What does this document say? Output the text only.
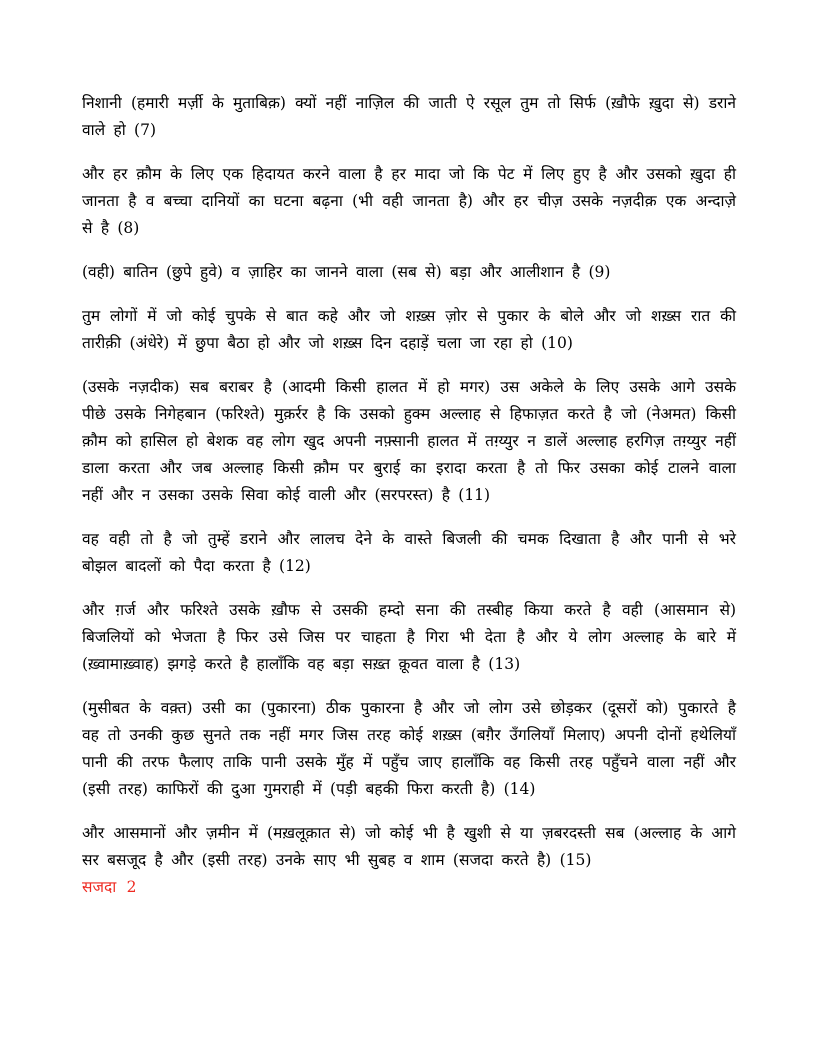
निशानी (हमारी मर्ज़ी के मुताबिक़) क्यों नहीं नाज़िल की जाती ऐ रसूल तुम तो सिर्फ (ख़ौफे ख़ुदा से) डराने वाले हो (7)

और हर क़ौम के लिए एक हिदायत करने वाला है हर मादा जो कि पेट में लिए हुए है और उसको ख़ुदा ही जानता है व बच्चा दानियों का घटना बढ़ना (भी वही जानता है) और हर चीज़ उसके नज़दीक़ एक अन्दाज़े से है (8)

(वही) बातिन (छुपे हुवे) व ज़ाहिर का जानने वाला (सब से) बड़ा और आलीशान है (9)

तुम लोगों में जो कोई चुपके से बात कहे और जो शख़्स ज़ोर से पुकार के बोले और जो शख़्स रात की तारीक़ी (अंधेरे) में छुपा बैठा हो और जो शख़्स दिन दहाड़ें चला जा रहा हो (10)

(उसके नज़दीक) सब बराबर है (आदमी किसी हालत में हो मगर) उस अकेले के लिए उसके आगे उसके पीछे उसके निगेहबान (फरिश्ते) मुक़र्रर है कि उसको हुक्म अल्लाह से हिफाज़त करते है जो (नेअमत) किसी क़ौम को हासिल हो बेशक वह लोग खुद अपनी नफ़्सानी हालत में तग़्य्युर न डालें अल्लाह हरगिज़ तग़्य्युर नहीं डाला करता और जब अल्लाह किसी क़ौम पर बुराई का इरादा करता है तो फिर उसका कोई टालने वाला नहीं और न उसका उसके सिवा कोई वाली और (सरपरस्त) है (11)

वह वही तो है जो तुम्हें डराने और लालच देने के वास्ते बिजली की चमक दिखाता है और पानी से भरे बोझल बादलों को पैदा करता है (12)

और ग़र्ज और फरिश्ते उसके ख़ौफ से उसकी हम्दो सना की तस्बीह किया करते है वही (आसमान से) बिजलियों को भेजता है फिर उसे जिस पर चाहता है गिरा भी देता है और ये लोग अल्लाह के बारे में (ख़्वामाख़्वाह) झगड़े करते है हालाँकि वह बड़ा सख़्त क़ूवत वाला है (13)

(मुसीबत के वक़्त) उसी का (पुकारना) ठीक पुकारना है और जो लोग उसे छोड़कर (दूसरों को) पुकारते है वह तो उनकी कुछ सुनते तक नहीं मगर जिस तरह कोई शख़्स (बग़ैर उँगलियाँ मिलाए) अपनी दोनों हथेलियाँ पानी की तरफ फैलाए ताकि पानी उसके मुँह में पहुँच जाए हालाँकि वह किसी तरह पहुँचने वाला नहीं और (इसी तरह) काफिरों की दुआ गुमराही में (पड़ी बहकी फिरा करती है) (14)

और आसमानों और ज़मीन में (मख़लूक़ात से) जो कोई भी है खुशी से या ज़बरदस्ती सब (अल्लाह के आगे सर बसजूद है और (इसी तरह) उनके साए भी सुबह व शाम (सजदा करते है) (15)

सजदा 2
